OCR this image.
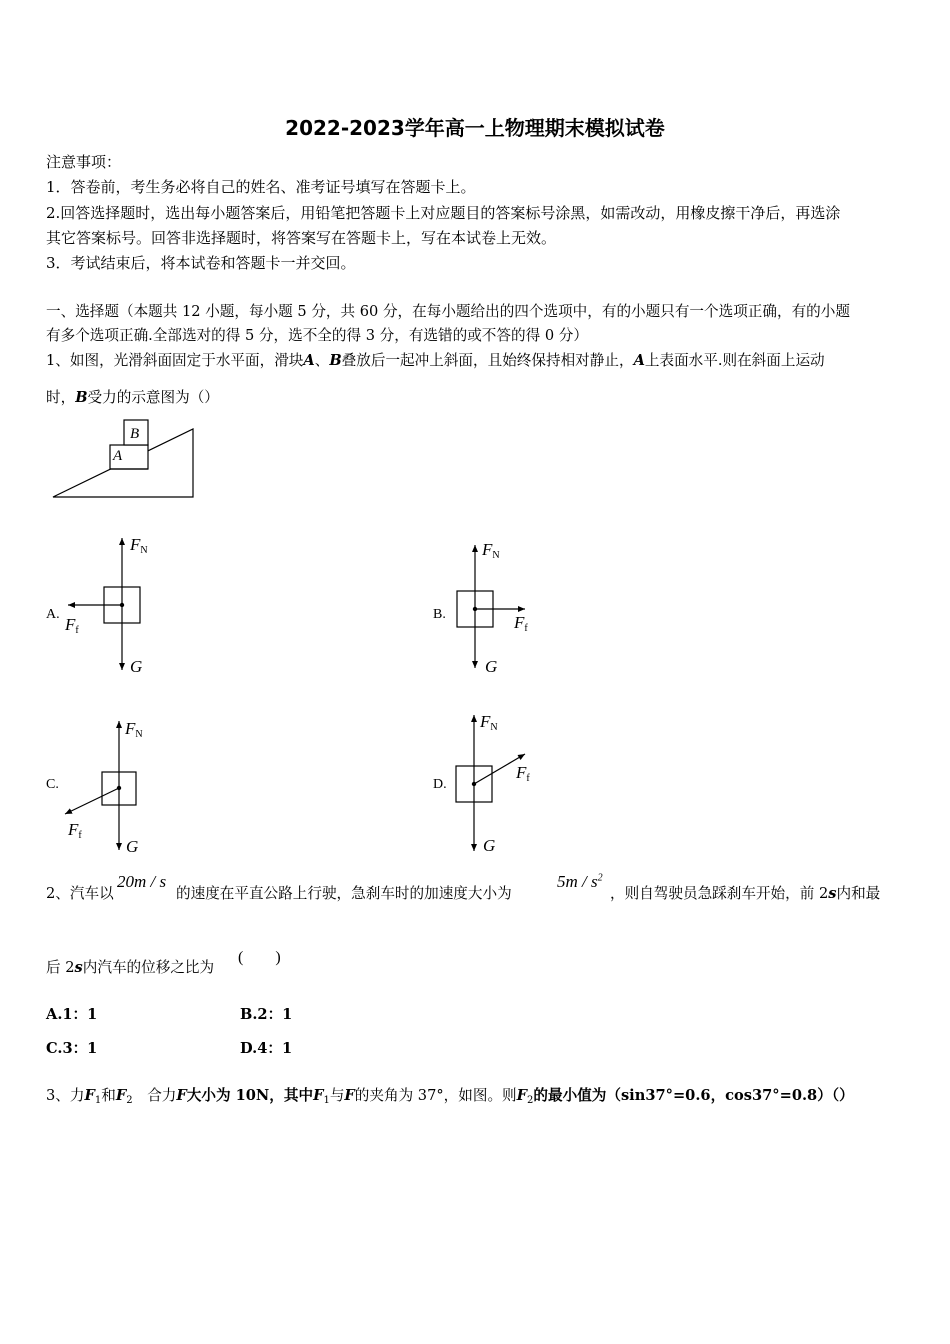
2022-2023学年高一上物理期末模拟试卷
注意事项：
1．答卷前，考生务必将自己的姓名、准考证号填写在答题卡上。
2.回答选择题时，选出每小题答案后，用铅笔把答题卡上对应题目的答案标号涂黑，如需改动，用橡皮擦干净后，再选涂
其它答案标号。回答非选择题时，将答案写在答题卡上，写在本试卷上无效。
3．考试结束后，将本试卷和答题卡一并交回。
一、选择题（本题共 12 小题，每小题 5 分，共 60 分，在每小题给出的四个选项中，有的小题只有一个选项正确，有的小题
有多个选项正确.全部选对的得 5 分，选不全的得 3 分，有选错的或不答的得 0 分）
1、如图，光滑斜面固定于水平面，滑块A、B叠放后一起冲上斜面，且始终保持相对静止，A上表面水平.则在斜面上运动
时，B受力的示意图为（）
B
A
A.
FN
Ff
G
B.
FN
Ff
G
C.
FN
Ff
G
D.
FN
Ff
G
2、汽车以
20m / s
的速度在平直公路上行驶，急刹车时的加速度大小为
$5m / s^2$
，则自驾驶员急踩刹车开始，前 2s内和最
后 2s内汽车的位移之比为
(　　)
A.1：1	B.2：1
C.3：1	D.4：1
3、力$F_1$和$F_2$　合力F大小为 10N，其中$F_1$与F的夹角为 37°，如图。则$F_2$的最小值为（sin37°=0.6，cos37°=0.8）（）
